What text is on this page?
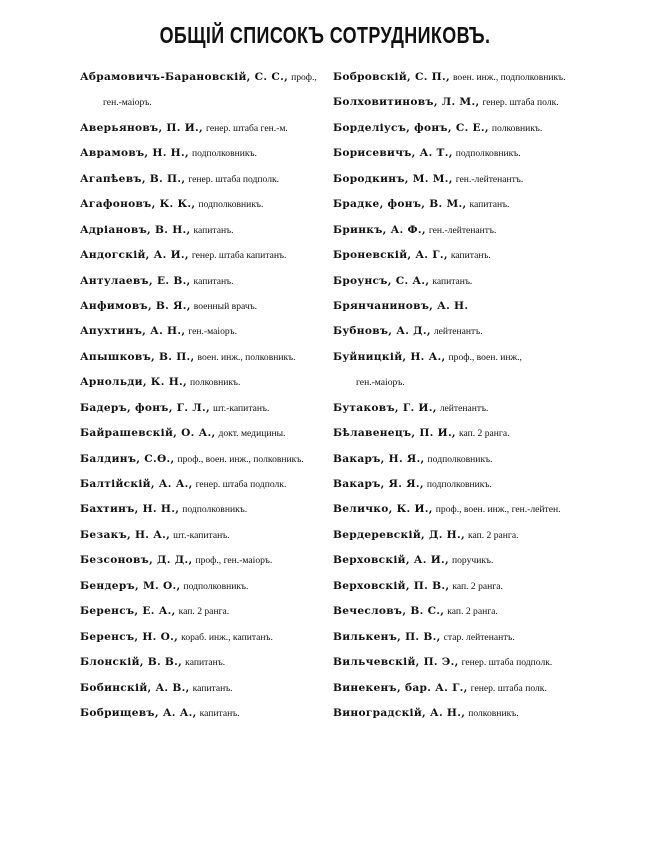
ОБЩІЙ СПИСОКЪ СОТРУДНИКОВЪ.
Абрамовичъ-Барановскій, С. С., проф.,
ген.-маіоръ.
Аверьяновъ, П. И., генер. штаба ген.-м.
Аврамовъ, Н. Н., подполковникъ.
Агапѣевъ, В. П., генер. штаба подполк.
Агафоновъ, К. К., подполковникъ.
Адріановъ, В. Н., капитанъ.
Андогскій, А. И., генер. штаба капитанъ.
Антулаевъ, Е. В., капитанъ.
Анфимовъ, В. Я., военный врачъ.
Апухтинъ, А. Н., ген.-маіоръ.
Апышковъ, В. П., воен. инж., полковникъ.
Арнольди, К. Н., полковникъ.
Бадеръ, фонъ, Г. Л., шт.-капитанъ.
Байрашевскій, О. А., докт. медицины.
Балдинъ, С.Ѳ., проф., воен. инж., полковникъ.
Балтійскій, А. А., генер. штаба подполк.
Бахтинъ, Н. Н., подполковникъ.
Безакъ, Н. А., шт.-капитанъ.
Безсоновъ, Д. Д., проф., ген.-маіоръ.
Бендеръ, М. О., подполковникъ.
Беренсъ, Е. А., кап. 2 ранга.
Беренсъ, Н. О., кораб. инж., капитанъ.
Блонскій, В. В., капитанъ.
Бобинскій, А. В., капитанъ.
Бобрищевъ, А. А., капитанъ.
Бобровскій, С. П., воен. инж., подполковникъ.
Болховитиновъ, Л. М., генер. штаба полк.
Борделіусъ, фонъ, С. Е., полковникъ.
Борисевичъ, А. Т., подполковникъ.
Бородкинъ, М. М., ген.-лейтенантъ.
Брадке, фонъ, В. М., капитанъ.
Бринкъ, А. Ф., ген.-лейтенантъ.
Броневскій, А. Г., капитанъ.
Броунсъ, С. А., капитанъ.
Брянчаниновъ, А. Н.
Бубновъ, А. Д., лейтенантъ.
Буйницкій, Н. А., проф., воен. инж.,
ген.-маіоръ.
Бутаковъ, Г. И., лейтенантъ.
Бѣлавенецъ, П. И., кап. 2 ранга.
Вакаръ, Н. Я., подполковникъ.
Вакаръ, Я. Я., подполковникъ.
Величко, К. И., проф., воен. инж., ген.-лейтен.
Вердеревскій, Д. Н., кап. 2 ранга.
Верховскій, А. И., поручикъ.
Верховскій, П. В., кап. 2 ранга.
Вечесловъ, В. С., кап. 2 ранга.
Вилькенъ, П. В., стар. лейтенантъ.
Вильчевскій, П. Э., генер. штаба подполк.
Винекенъ, бар. А. Г., генер. штаба полк.
Виноградскій, А. Н., полковникъ.
